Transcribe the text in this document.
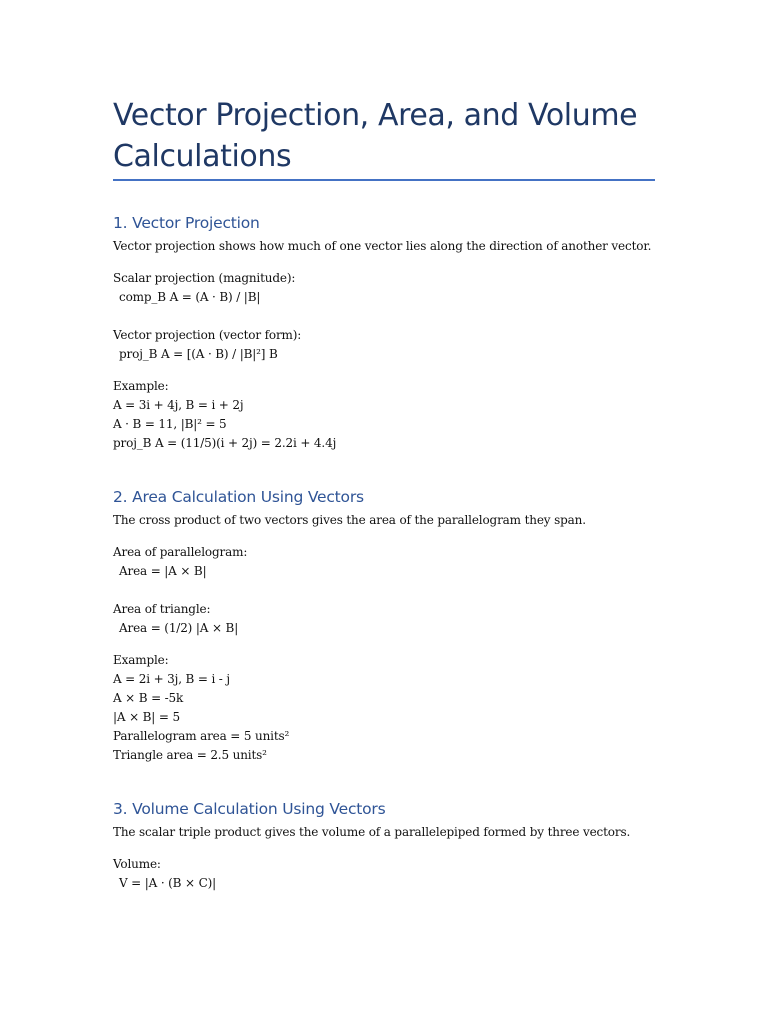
Vector Projection, Area, and Volume Calculations
1. Vector Projection
Vector projection shows how much of one vector lies along the direction of another vector.
Scalar projection (magnitude):
comp_B A = (A · B) / |B|
Vector projection (vector form):
proj_B A = [(A · B) / |B|²] B
Example:
A = 3i + 4j, B = i + 2j
A · B = 11, |B|² = 5
proj_B A = (11/5)(i + 2j) = 2.2i + 4.4j
2. Area Calculation Using Vectors
The cross product of two vectors gives the area of the parallelogram they span.
Area of parallelogram:
Area = |A × B|
Area of triangle:
Area = (1/2) |A × B|
Example:
A = 2i + 3j, B = i - j
A × B = -5k
|A × B| = 5
Parallelogram area = 5 units²
Triangle area = 2.5 units²
3. Volume Calculation Using Vectors
The scalar triple product gives the volume of a parallelepiped formed by three vectors.
Volume:
V = |A · (B × C)|
